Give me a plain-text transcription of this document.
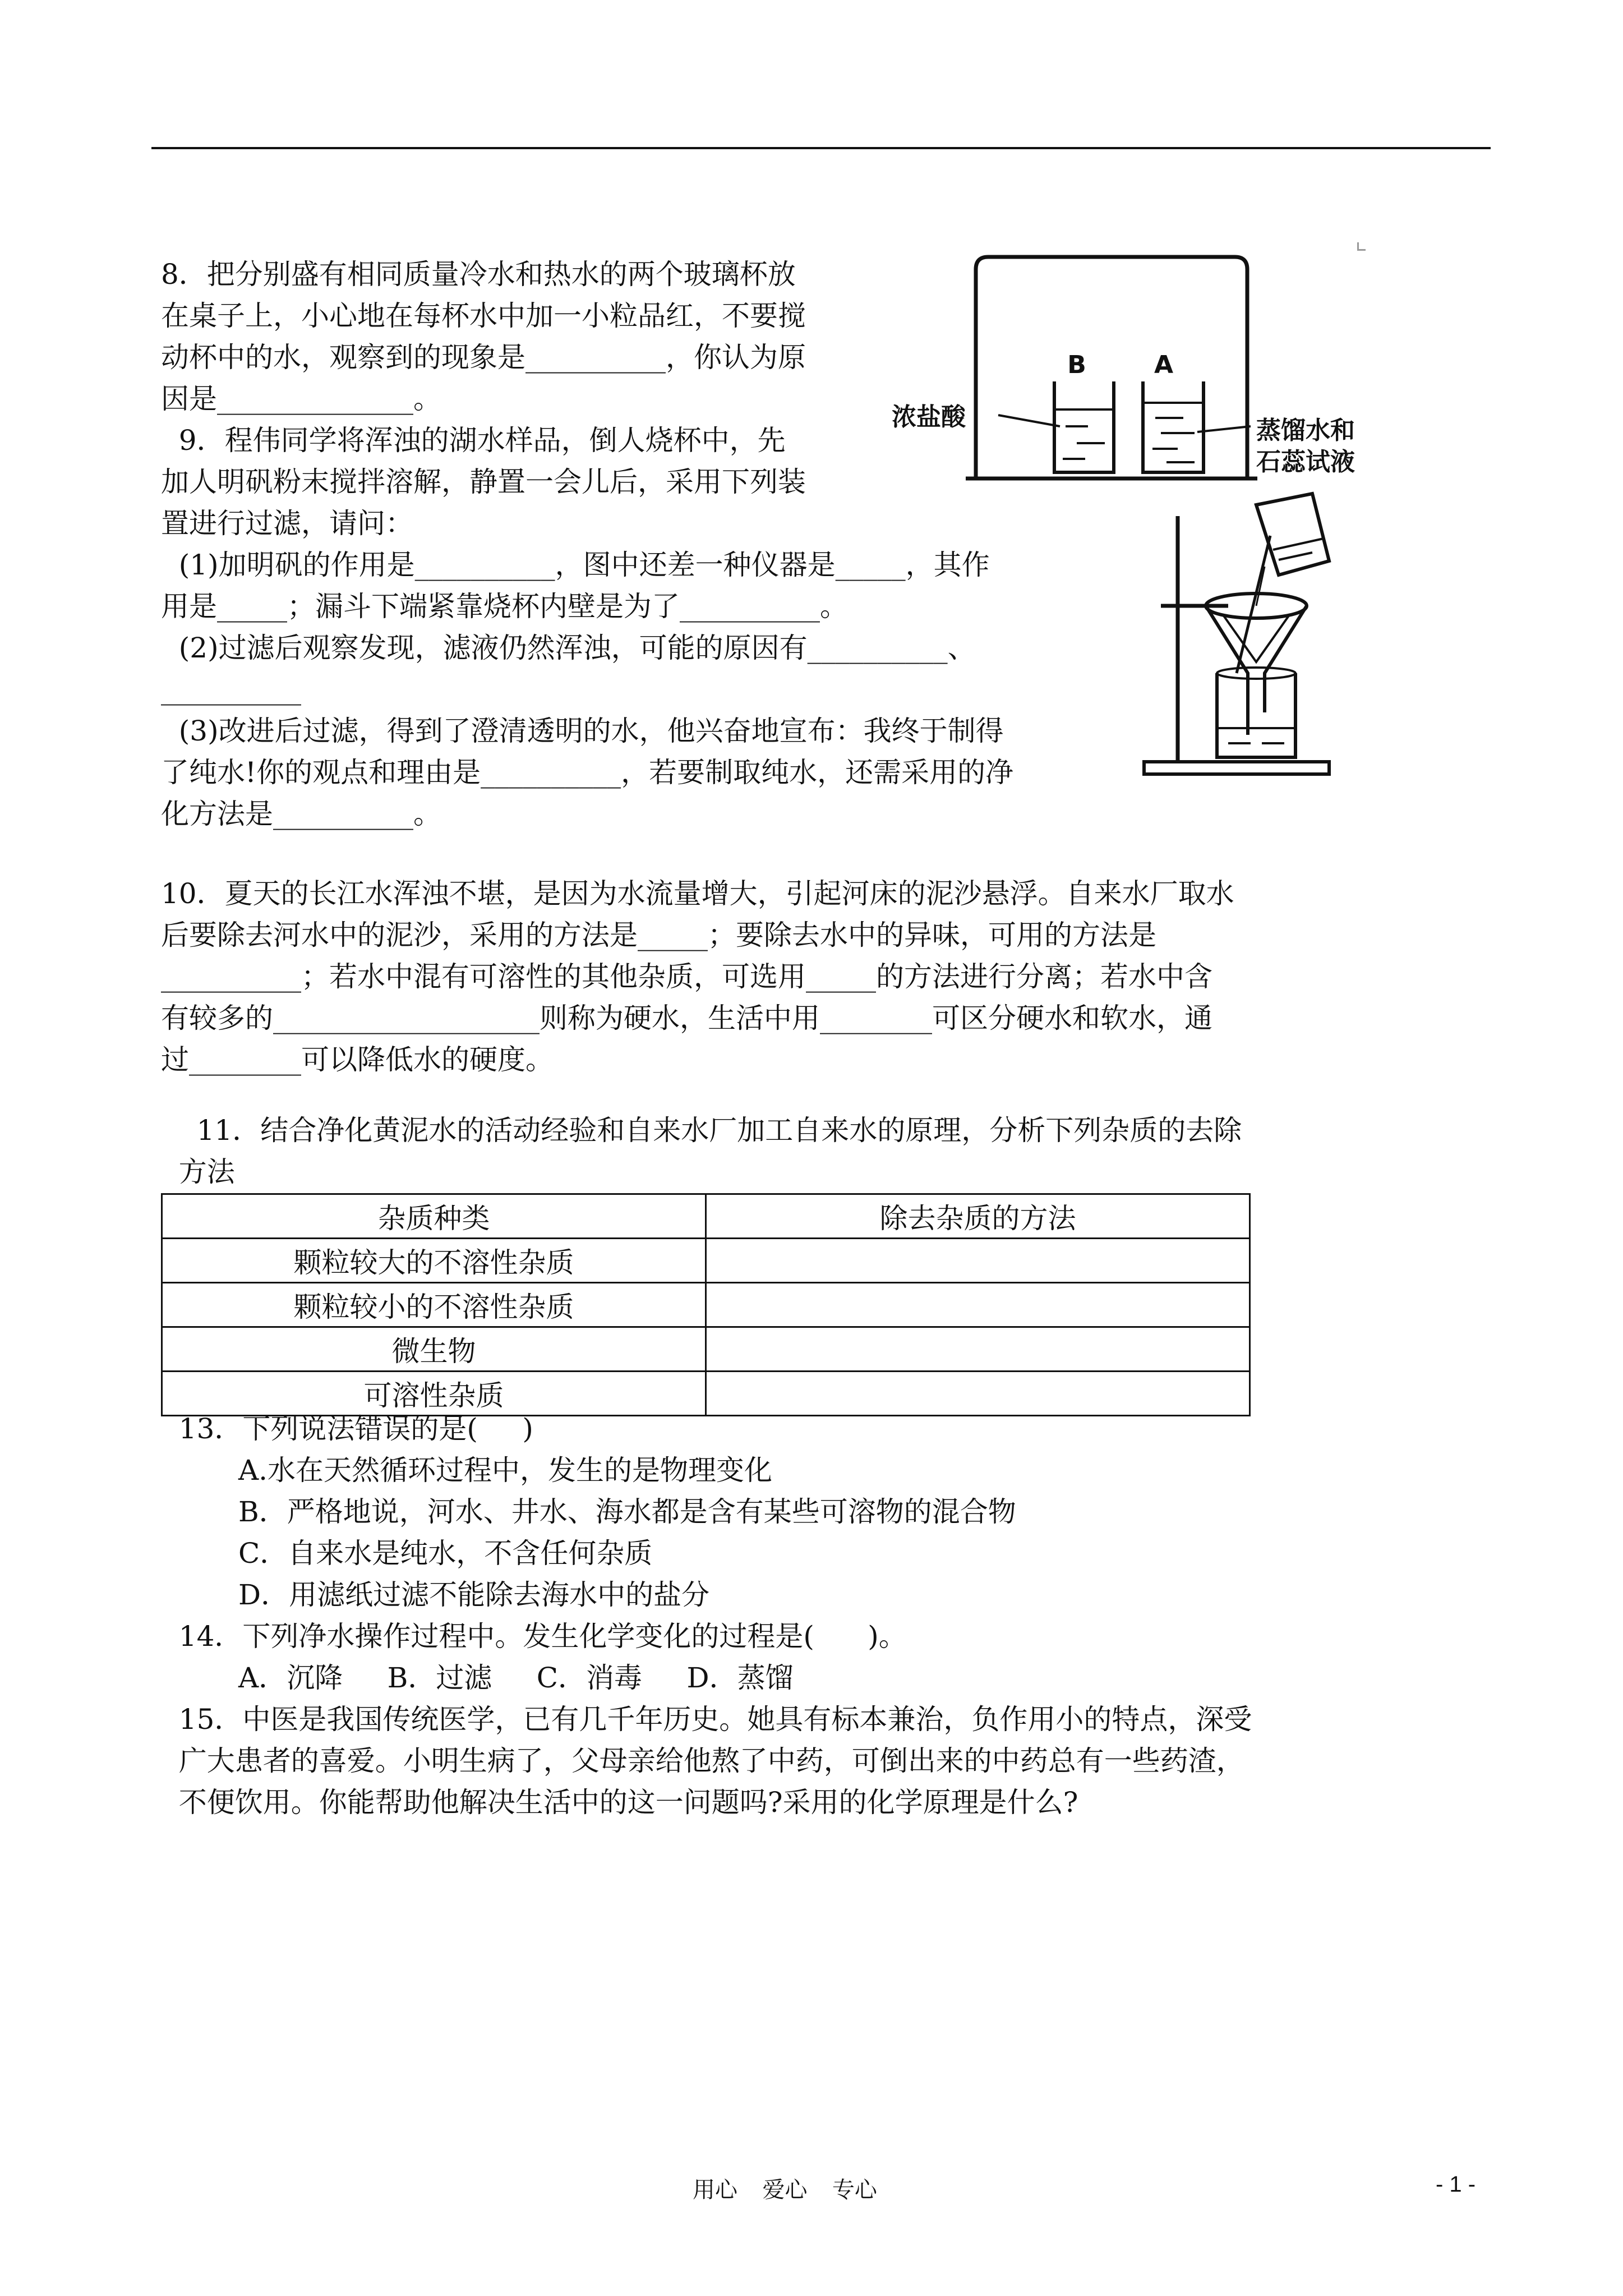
8．把分别盛有相同质量冷水和热水的两个玻璃杯放
在桌子上，小心地在每杯水中加一小粒品红，不要搅
动杯中的水，观察到的现象是__________，你认为原
因是______________。
9．程伟同学将浑浊的湖水样品，倒人烧杯中，先
加人明矾粉末搅拌溶解，静置一会儿后，采用下列装
置进行过滤，请问：
(1)加明矾的作用是__________，图中还差一种仪器是_____，其作
用是_____；漏斗下端紧靠烧杯内壁是为了__________。
(2)过滤后观察发现，滤液仍然浑浊，可能的原因有__________、
__________
(3)改进后过滤，得到了澄清透明的水，他兴奋地宣布：我终于制得
了纯水!你的观点和理由是__________，若要制取纯水，还需采用的净
化方法是__________。
B	A
浓盐酸	蒸馏水和
石蕊试液
10．夏天的长江水浑浊不堪，是因为水流量增大，引起河床的泥沙悬浮。自来水厂取水
后要除去河水中的泥沙，采用的方法是_____；要除去水中的异味，可用的方法是
__________；若水中混有可溶性的其他杂质，可选用_____的方法进行分离；若水中含
有较多的___________________则称为硬水，生活中用________可区分硬水和软水，通
过________可以降低水的硬度。
11．结合净化黄泥水的活动经验和自来水厂加工自来水的原理，分析下列杂质的去除
方法
杂质种类	除去杂质的方法
颗粒较大的不溶性杂质	
颗粒较小的不溶性杂质	
微生物	
可溶性杂质	
13．下列说法错误的是(     )
A.水在天然循环过程中，发生的是物理变化
B．严格地说，河水、井水、海水都是含有某些可溶物的混合物
C．自来水是纯水，不含任何杂质
D．用滤纸过滤不能除去海水中的盐分
14．下列净水操作过程中。发生化学变化的过程是(      )。
A．沉降     B．过滤     C．消毒     D．蒸馏
15．中医是我国传统医学，已有几千年历史。她具有标本兼治，负作用小的特点，深受
广大患者的喜爱。小明生病了，父母亲给他熬了中药，可倒出来的中药总有一些药渣，
不便饮用。你能帮助他解决生活中的这一问题吗?采用的化学原理是什么?
用心    爱心    专心	- 1 -
